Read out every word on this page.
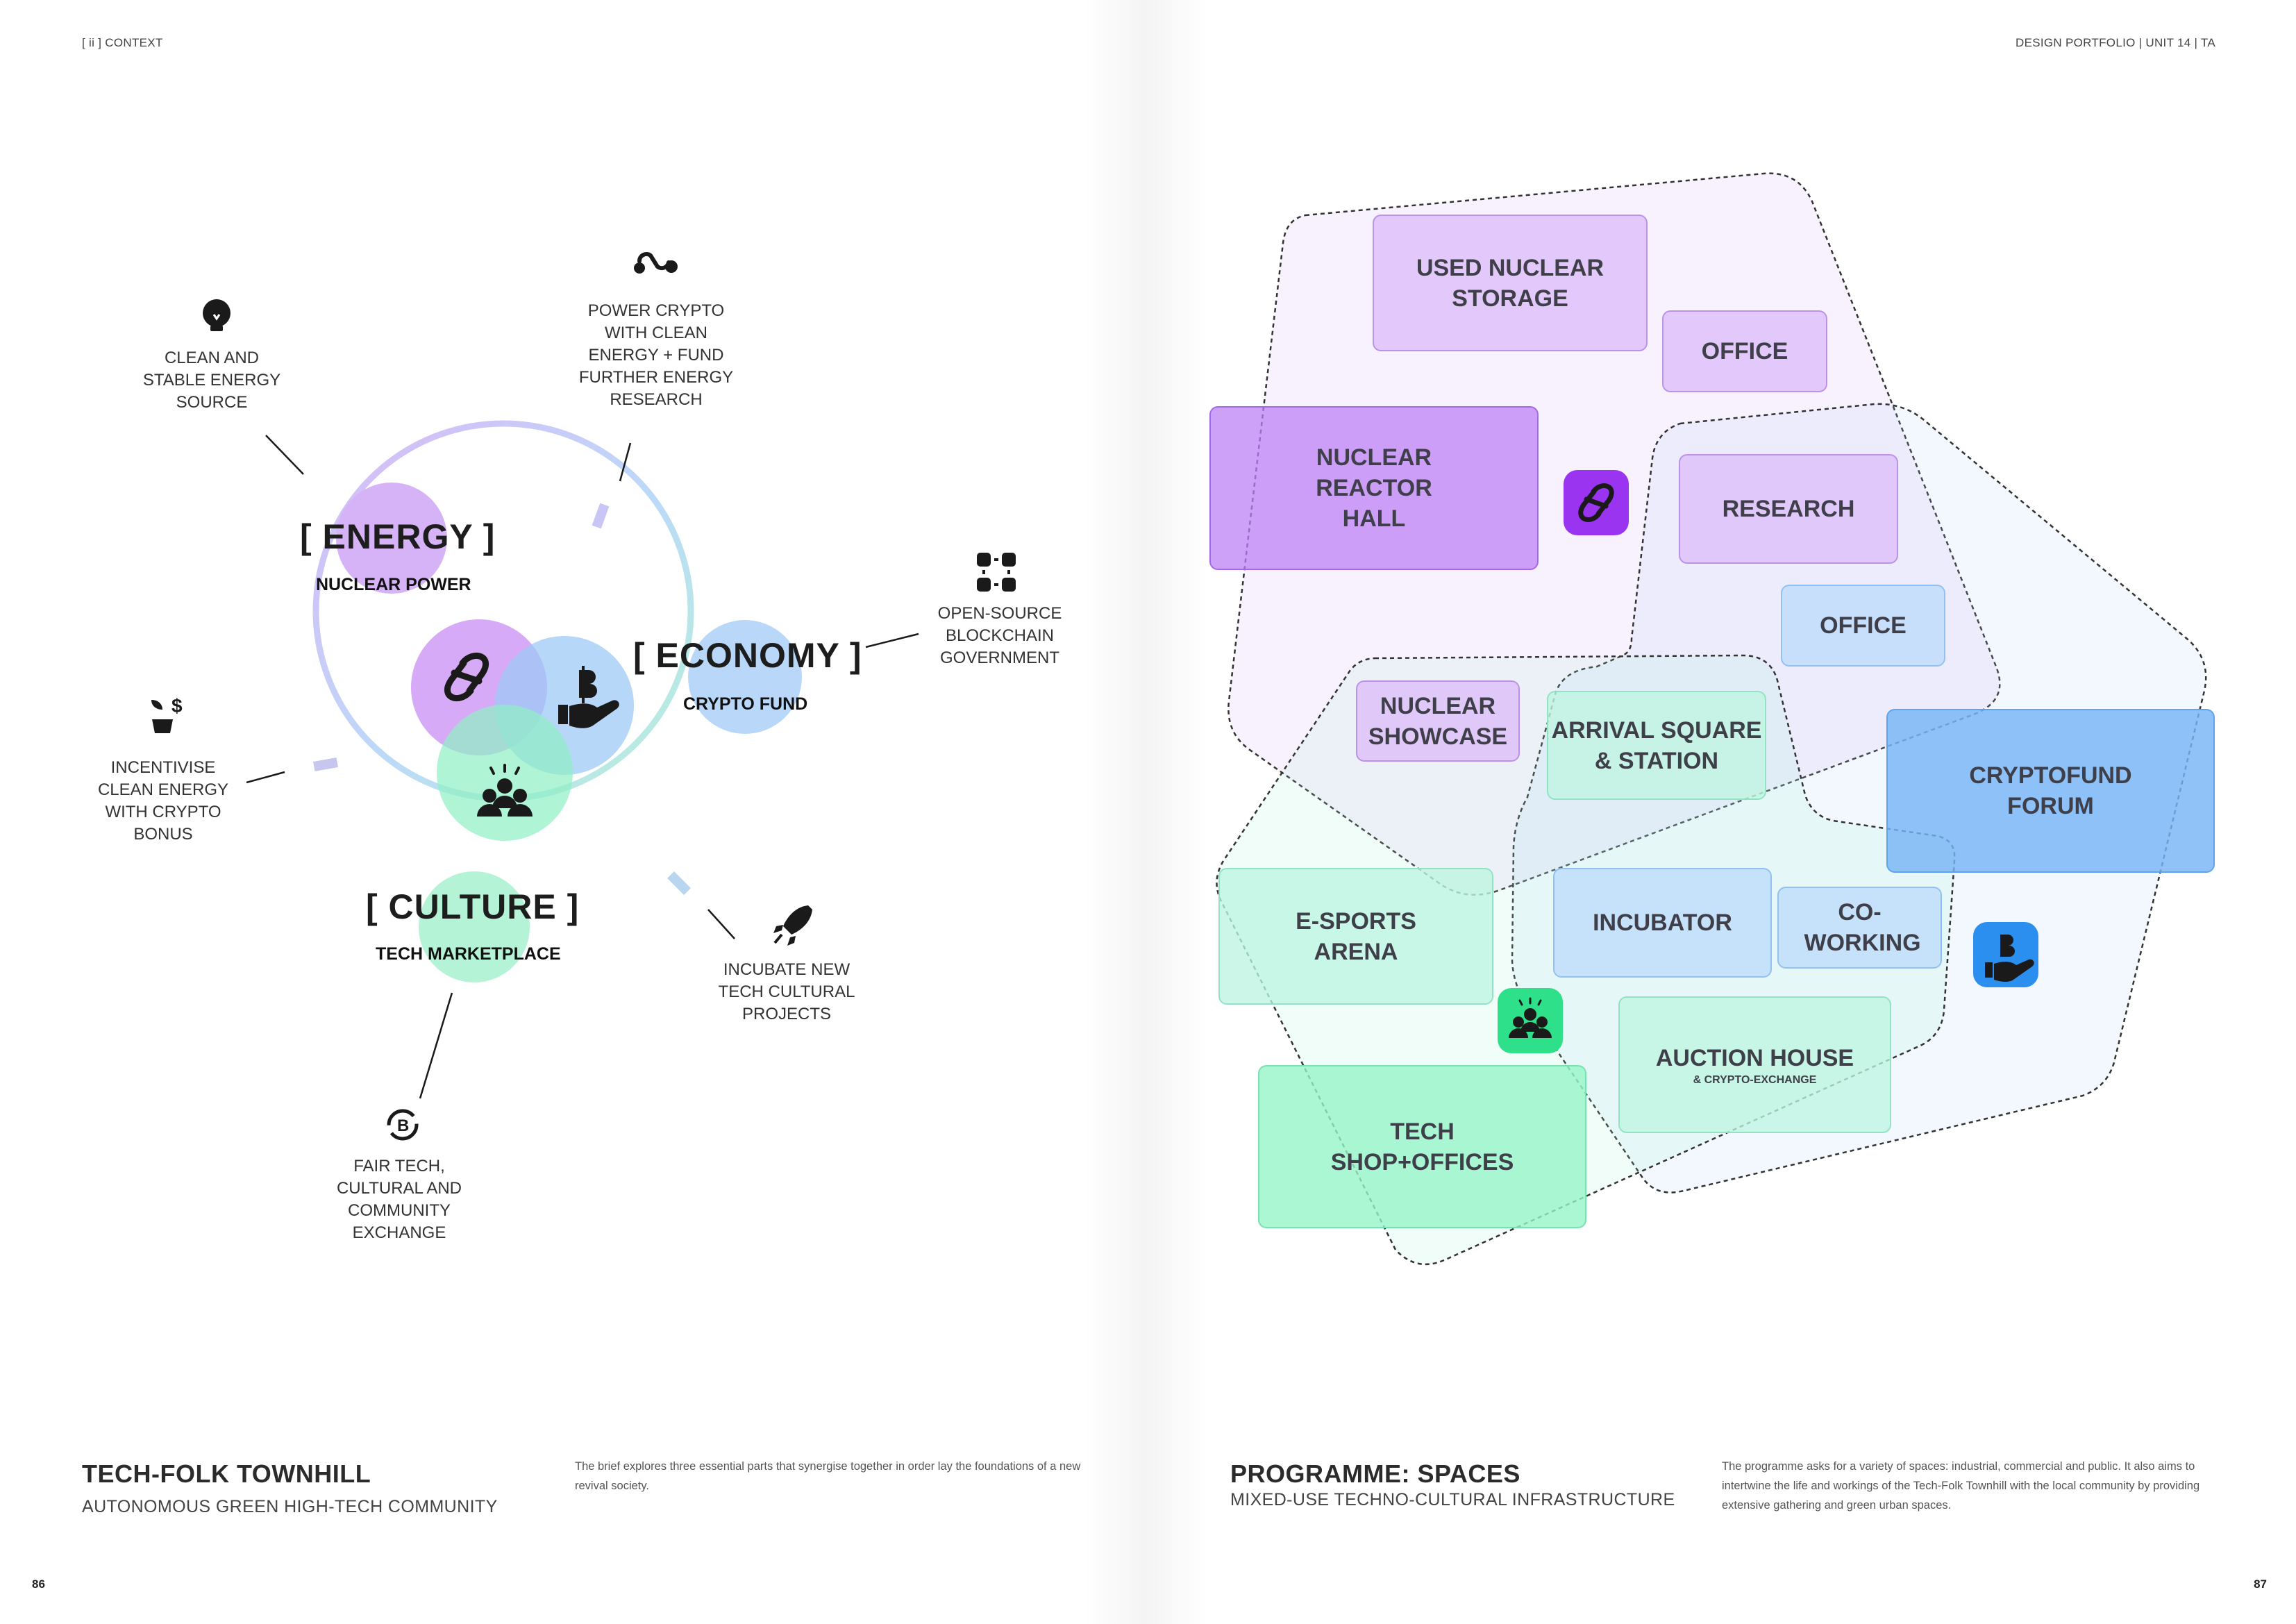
[ ii ] CONTEXT	DESIGN PORTFOLIO | UNIT 14 | TA
$
B
CLEAN AND STABLE ENERGY SOURCE
POWER CRYPTO WITH CLEAN ENERGY + FUND FURTHER ENERGY RESEARCH
OPEN-SOURCE BLOCKCHAIN GOVERNMENT
INCENTIVISE CLEAN ENERGY WITH CRYPTO BONUS
INCUBATE NEW TECH CULTURAL PROJECTS
FAIR TECH, CULTURAL AND COMMUNITY EXCHANGE
[ ENERGY ]
NUCLEAR POWER
[ ECONOMY ]
CRYPTO FUND
[ CULTURE ]
TECH MARKETPLACE
TECH-FOLK TOWNHILL
AUTONOMOUS GREEN HIGH-TECH COMMUNITY
The brief explores three essential parts that synergise together in order lay the foundations of a new revival society.
86
USED NUCLEAR STORAGE
OFFICE
NUCLEAR REACTOR HALL	RESEARCH
OFFICE
NUCLEAR SHOWCASE ARRIVAL SQUARE & STATION
CRYPTOFUND FORUM
E-SPORTS ARENA
INCUBATOR	CO-WORKING
AUCTION HOUSE
& CRYPTO-EXCHANGE
TECH SHOP+OFFICES
PROGRAMME: SPACES
MIXED-USE TECHNO-CULTURAL INFRASTRUCTURE
The programme asks for a variety of spaces: industrial, commercial and public. It also aims to intertwine the life and workings of the Tech-Folk Townhill with the local community by providing extensive gathering and green urban spaces.
87
